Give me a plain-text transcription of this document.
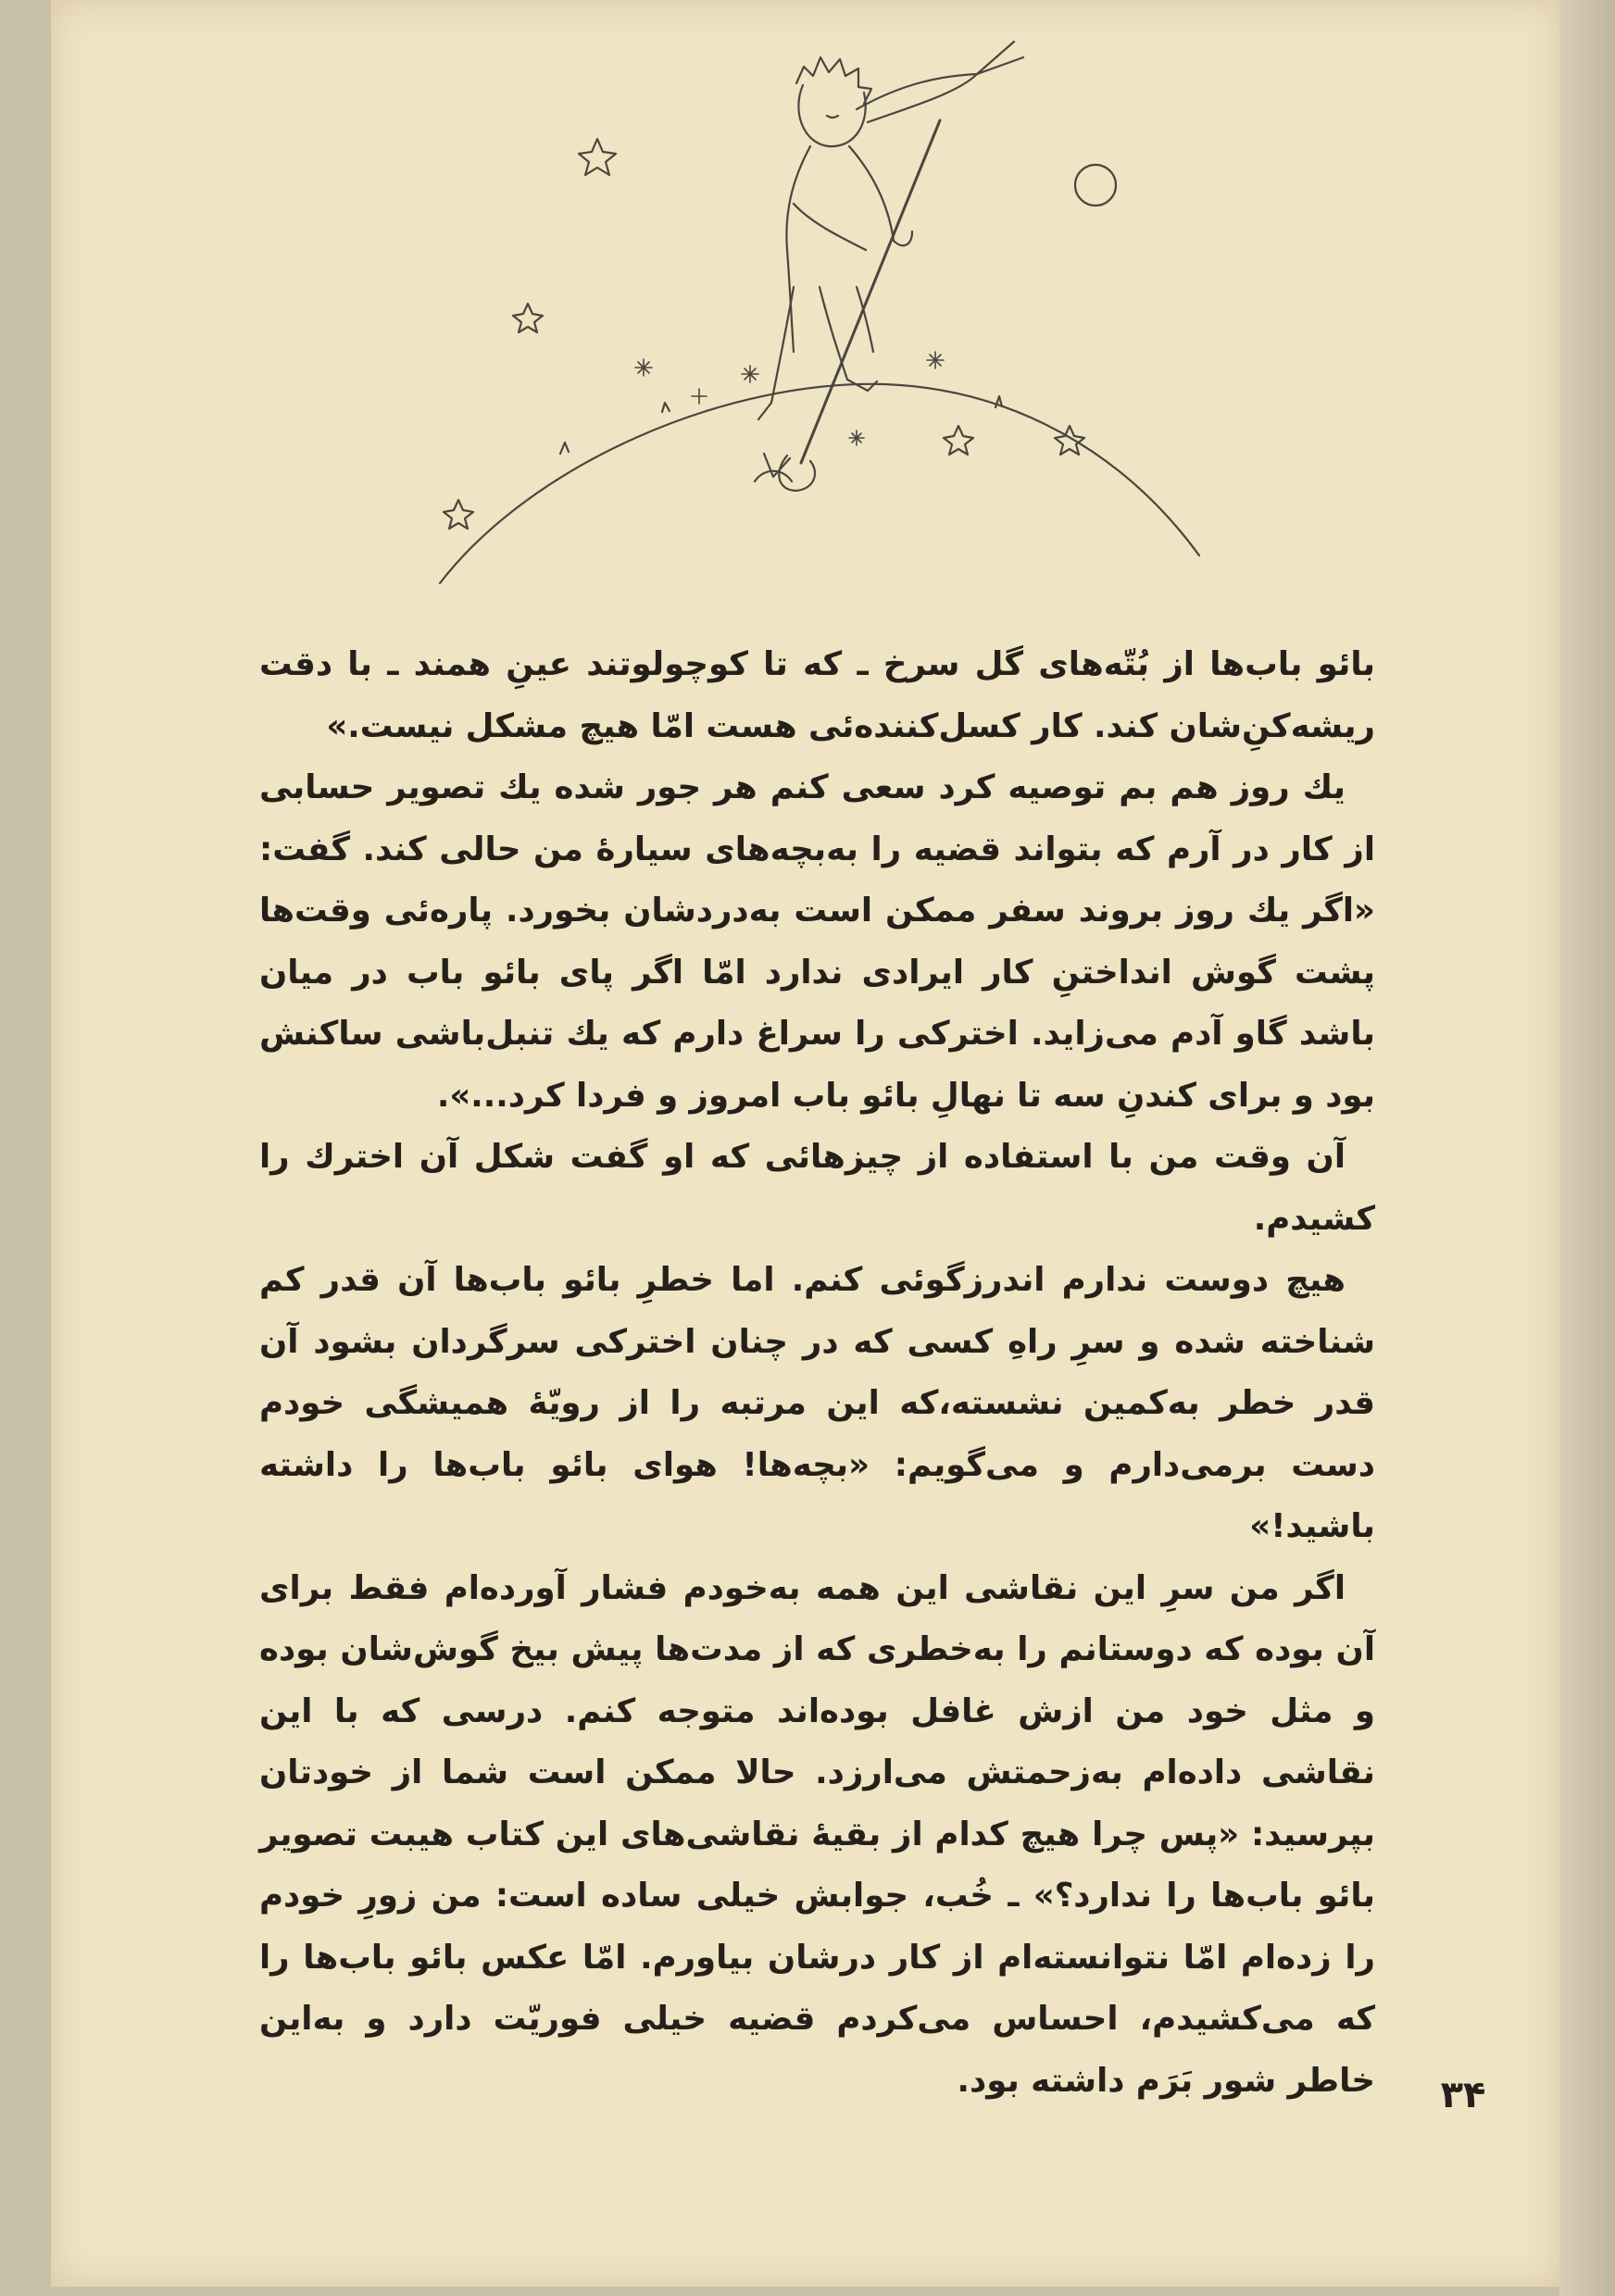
بائو باب‌ها از بُتّه‌های گل سرخ ـ که تا کوچولوتند عینِ همند ـ با دقت ریشه‌کن‌ِشان کند. کار کسل‌کننده‌ئی هست امّا هیچ مشکل نیست.»

یك روز هم بم توصیه کرد سعی کنم هر جور شده یك تصویر حسابی از کار در آرم که بتواند قضیه را به‌بچه‌های سیارهٔ من حالی کند. گفت: «اگر یك روز بروند سفر ممکن است به‌دردشان بخورد. پاره‌ئی وقت‌ها پشت گوش انداختنِ کار ایرادی ندارد امّا اگر پای بائو باب در میان باشد گاو آدم می‌زاید. اخترکی را سراغ دارم که یك تنبل‌باشی ساکنش بود و برای کندنِ سه تا نهالِ بائو باب امروز و فردا کرد...».

آن وقت من با استفاده از چیزهائی که او گفت شکل آن اخترك را کشیدم.

هیچ دوست ندارم اندرزگوئی کنم. اما خطرِ بائو باب‌ها آن قدر کم شناخته شده و سرِ راهِ کسی که در چنان اخترکی سرگردان بشود آن قدر خطر به‌کمین نشسته،که این مرتبه را از رویّهٔ همیشگی خودم دست برمی‌دارم و می‌گویم: «بچه‌ها! هوای بائو باب‌ها را داشته باشید!»

اگر من سرِ این نقاشی این همه به‌خودم فشار آورده‌ام فقط برای آن بوده که دوستانم را به‌خطری که از مدت‌ها پیش بیخ گوش‌شان بوده و مثل خود من ازش غافل بوده‌اند متوجه کنم. درسی که با این نقاشی داده‌ام به‌زحمتش می‌ارزد. حالا ممکن است شما از خودتان بپرسید: «پس چرا هیچ کدام از بقیهٔ نقاشی‌های این کتاب هیبت تصویر بائو باب‌ها را ندارد؟» ـ خُب، جوابش خیلی ساده است: من زورِ خودم را زده‌ام امّا نتوانسته‌ام از کار درشان بیاورم. امّا عکس بائو باب‌ها را که می‌کشیدم، احساس می‌کردم قضیه خیلی فوریّت دارد و به‌این خاطر شور بَرَم داشته بود. ۳۴
